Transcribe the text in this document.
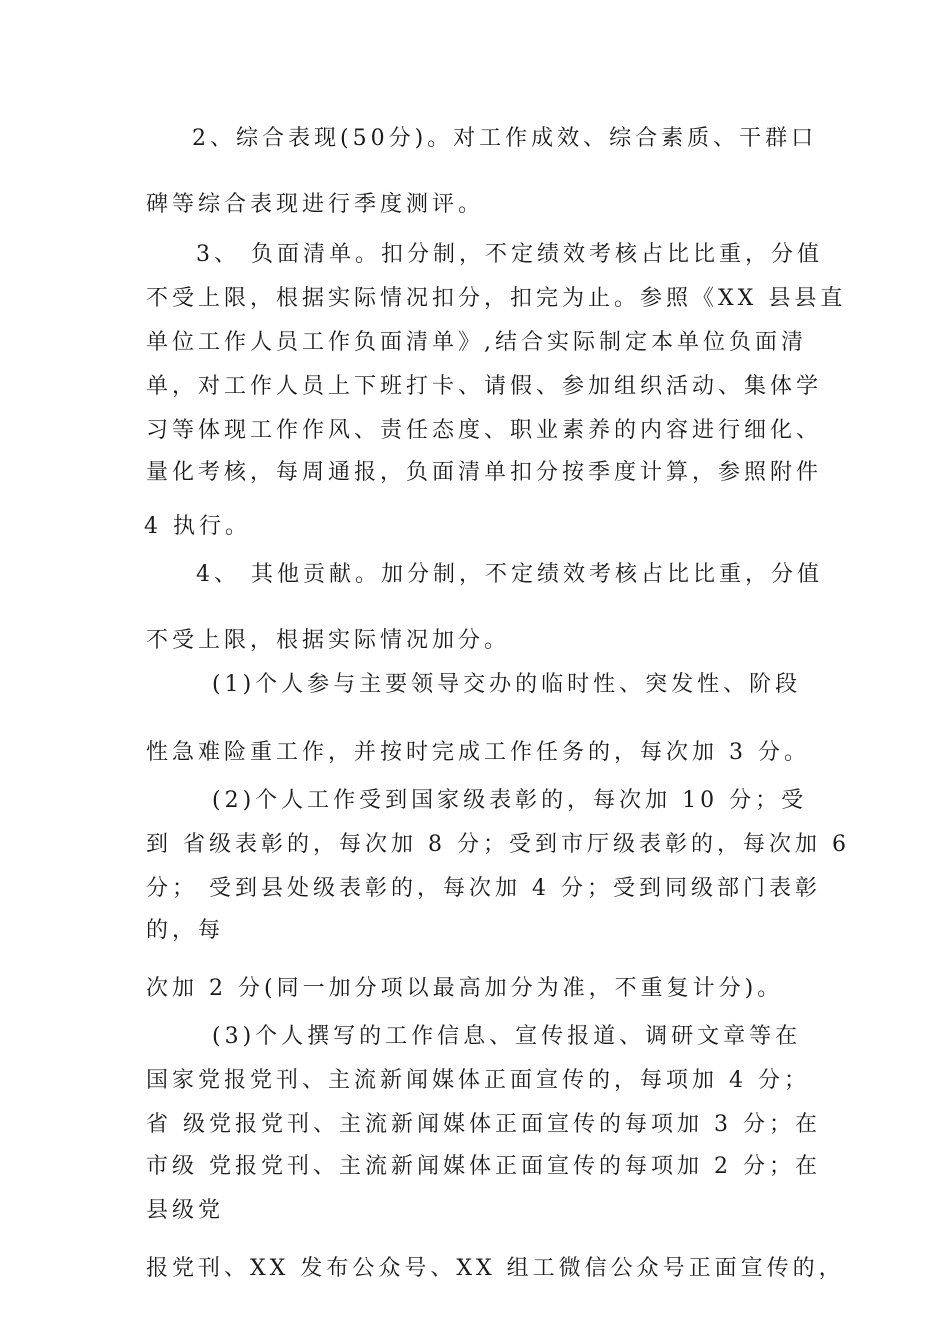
2、综合表现(50分)。对工作成效、综合素质、干群口
碑等综合表现进行季度测评。
3、 负面清单。扣分制，不定绩效考核占比比重，分值
不受上限，根据实际情况扣分，扣完为止。参照《XX 县县直
单位工作人员工作负面清单》,结合实际制定本单位负面清
单，对工作人员上下班打卡、请假、参加组织活动、集体学
习等体现工作作风、责任态度、职业素养的内容进行细化、
量化考核，每周通报，负面清单扣分按季度计算，参照附件
4 执行。
4、 其他贡献。加分制，不定绩效考核占比比重，分值
不受上限，根据实际情况加分。
(1)个人参与主要领导交办的临时性、突发性、阶段
性急难险重工作，并按时完成工作任务的，每次加 3 分。
(2)个人工作受到国家级表彰的，每次加 10 分；受
到 省级表彰的，每次加 8 分；受到市厅级表彰的，每次加 6
分； 受到县处级表彰的，每次加 4 分；受到同级部门表彰
的，每
次加 2 分(同一加分项以最高加分为准，不重复计分)。
(3)个人撰写的工作信息、宣传报道、调研文章等在
国家党报党刊、主流新闻媒体正面宣传的，每项加 4 分；
省 级党报党刊、主流新闻媒体正面宣传的每项加 3 分；在
市级 党报党刊、主流新闻媒体正面宣传的每项加 2 分；在
县级党
报党刊、XX 发布公众号、XX 组工微信公众号正面宣传的，
